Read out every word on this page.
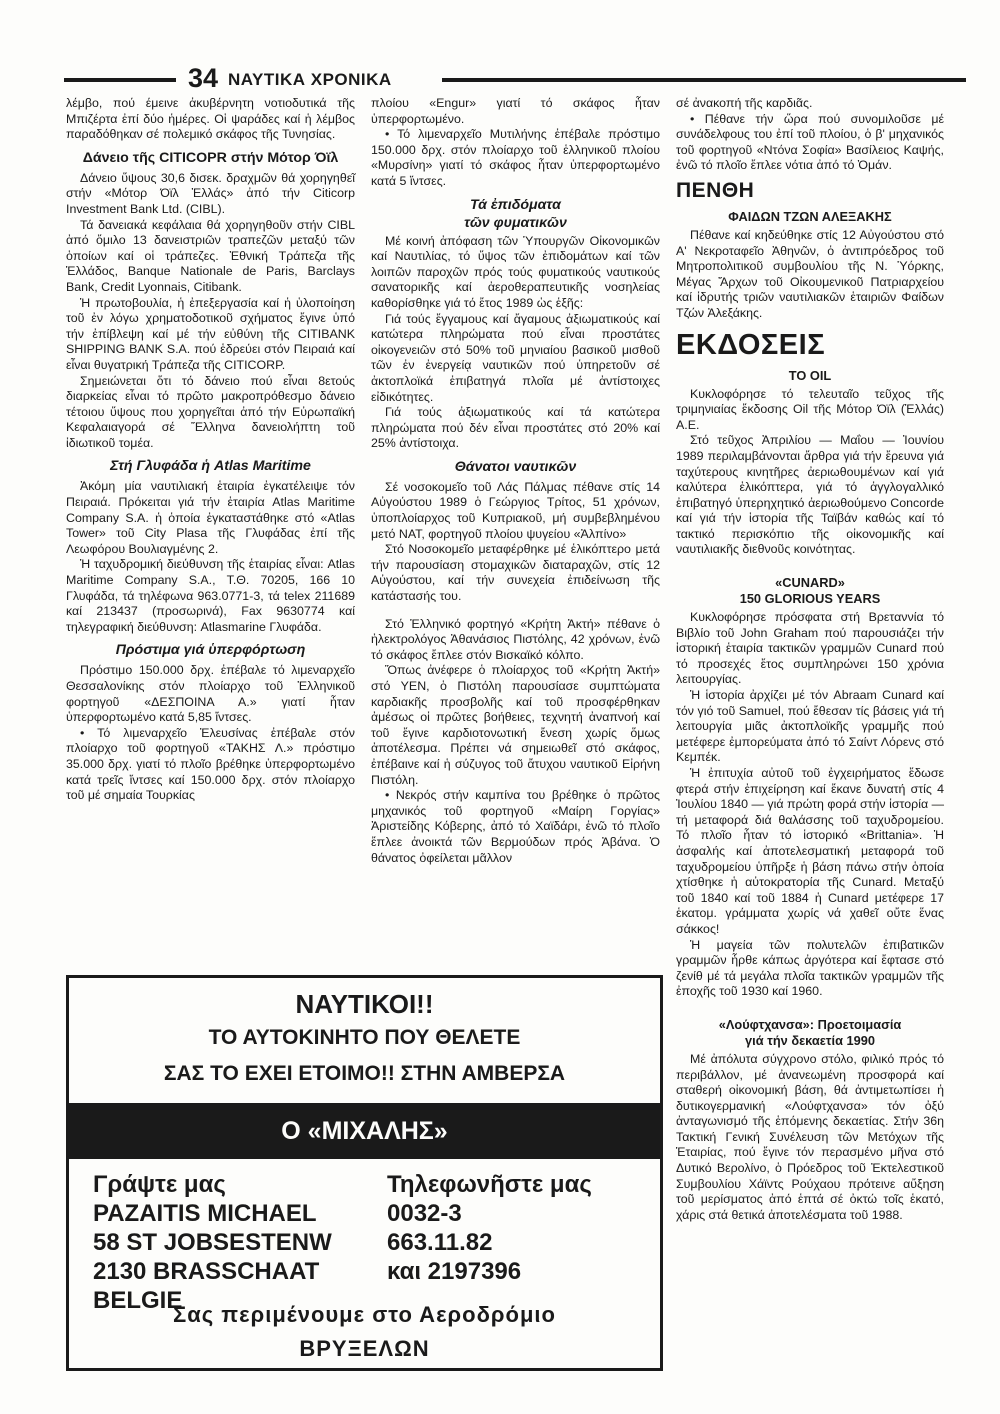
34 ΝΑΥΤΙΚΑ ΧΡΟΝΙΚΑ

λέμβο, πού έμεινε ἀκυβέρνητη νοτιοδυτικά τῆς Μπιζέρτα ἐπί δύο ἡμέρες. Οἱ ψαράδες καί ἡ λέμβος παραδόθηκαν σέ πολεμικό σκάφος τῆς Τυνησίας.

Δάνειο τῆς CITICOPR στήν Μότορ Όϊλ

Δάνειο ὕψους 30,6 δισεκ. δραχμῶν θά χορηγηθεῖ στήν «Μότορ Όϊλ Ἑλλάς» ἀπό τήν Citicorp Investment Bank Ltd. (CIBL).

Τά δανειακά κεφάλαια θά χορηγηθοῦν στήν CIBL ἀπό ὅμιλο 13 δανειστριῶν τραπεζῶν μεταξύ τῶν ὁποίων καί οἱ τράπεζες. Ἐθνική Τράπεζα τῆς Ἑλλάδος, Banque Nationale de Paris, Barclays Bank, Credit Lyonnais, Citibank.

Ἡ πρωτοβουλία, ἡ ἐπεξεργασία καί ἡ ὑλοποίηση τοῦ ἐν λόγω χρηματοδοτικοῦ σχήματος ἔγινε ὑπό τήν ἐπίβλεψη καί μέ τήν εὐθύνη τῆς CITIBANK SHIPPING BANK S.A. πού ἑδρεύει στόν Πειραιά καί εἶναι θυγατρική Τράπεζα τῆς CITICORP.

Σημειώνεται ὅτι τό δάνειο πού εἶναι 8ετούς διαρκείας εἶναι τό πρῶτο μακροπρόθεσμο δάνειο τέτοιου ὕψους που χορηγεῖται ἀπό τήν Εὐρωπαϊκή Κεφαλαιαγορά σέ Ἕλληνα δανειολήπτη τοῦ ἰδιωτικοῦ τομέα.

Στή Γλυφάδα ἡ Atlas Maritime

Ἀκόμη μία ναυτιλιακή ἑταιρία ἐγκατέλειψε τόν Πειραιά. Πρόκειται γιά τήν ἑταιρία Atlas Maritime Company S.A. ἡ ὁποία ἐγκαταστάθηκε στό «Atlas Tower» τοῦ City Plasa τῆς Γλυφάδας ἐπί τῆς Λεωφόρου Βουλιαγμένης 2.

Ἡ ταχυδρομική διεύθυνση τῆς ἑταιρίας εἶναι: Atlas Maritime Company S.A., Τ.Θ. 70205, 166 10 Γλυφάδα, τά τηλέφωνα 963.0771-3, τά telex 211689 καί 213437 (προσωρινά), Fax 9630774 καί τηλεγραφική διεύθυνση: Atlasmarine Γλυφάδα.

Πρόστιμα γιά ὑπερφόρτωση

Πρόστιμο 150.000 δρχ. ἐπέβαλε τό λιμεναρχεῖο Θεσσαλονίκης στόν πλοίαρχο τοῦ Ἑλληνικοῦ φορτηγοῦ «ΔΕΣΠΟΙΝΑ Α.» γιατί ἦταν ὑπερφορτωμένο κατά 5,85 ἴντσες.

• Τό λιμεναρχεῖο Ἐλευσίνας ἐπέβαλε στόν πλοίαρχο τοῦ φορτηγοῦ «ΤΑΚΗΣ Λ.» πρόστιμο 35.000 δρχ. γιατί τό πλοῖο βρέθηκε ὑπερφορτωμένο κατά τρεῖς ἴντσες καί 150.000 δρχ. στόν πλοίαρχο τοῦ μέ σημαία Τουρκίας

πλοίου «Engur» γιατί τό σκάφος ἦταν ὑπερφορτωμένο.

• Τό λιμεναρχεῖο Μυτιλήνης ἐπέβαλε πρόστιμο 150.000 δρχ. στόν πλοίαρχο τοῦ ἑλληνικοῦ πλοίου «Μυρσίνη» γιατί τό σκάφος ἦταν ὑπερφορτωμένο κατά 5 ἴντσες.

Τά ἐπιδόματα
τῶν φυματικῶν

Μέ κοινή ἀπόφαση τῶν Ὑπουργῶν Οἰκονομικῶν καί Ναυτιλίας, τό ὕψος τῶν ἐπιδομάτων καί τῶν λοιπῶν παροχῶν πρός τούς φυματικούς ναυτικούς σανατορικῆς καί ἀεροθεραπευτικῆς νοσηλείας καθορίσθηκε γιά τό ἔτος 1989 ὡς ἑξῆς:

Γιά τούς ἔγγαμους καί ἄγαμους ἀξιωματικούς καί κατώτερα πληρώματα πού εἶναι προστάτες οἰκογενειῶν στό 50% τοῦ μηνιαίου βασικοῦ μισθοῦ τῶν ἐν ἐνεργείᾳ ναυτικῶν πού ὑπηρετοῦν σέ ἀκτοπλοϊκά ἐπιβατηγά πλοῖα μέ ἀντίστοιχες εἰδικότητες.

Γιά τούς ἀξιωματικούς καί τά κατώτερα πληρώματα πού δέν εἶναι προστάτες στό 20% καί 25% ἀντίστοιχα.

Θάνατοι ναυτικῶν

Σέ νοσοκομεῖο τοῦ Λάς Πάλμας πέθανε στίς 14 Αὐγούστου 1989 ὁ Γεώργιος Τρίτος, 51 χρόνων, ὑποπλοίαρχος τοῦ Κυπριακοῦ, μή συμβεβλημένου μετό ΝΑΤ, φορτηγοῦ πλοίου ψυγείου «Ἀλπίνο»

Στό Νοσοκομεῖο μεταφέρθηκε μέ ἑλικόπτερο μετά τήν παρουσίαση στομαχικῶν διαταραχῶν, στίς 12 Αὐγούστου, καί τήν συνεχεία ἐπιδείνωση τῆς κατάστασής του.

Στό Ἑλληνικό φορτηγό «Κρήτη Ἀκτή» πέθανε ὁ ἠλεκτρολόγος Ἀθανάσιος Πιστόλης, 42 χρόνων, ἐνῶ τό σκάφος ἔπλεε στόν Βισκαϊκό κόλπο.

Ὅπως ἀνέφερε ὁ πλοίαρχος τοῦ «Κρήτη Ἀκτή» στό ΥΕΝ, ὁ Πιστόλη παρουσίασε συμπτώματα καρδιακῆς προσβολῆς καί τοῦ προσφέρθηκαν ἀμέσως οἱ πρῶτες βοήθειες, τεχνητή ἀναπνοή καί τοῦ ἔγινε καρδιοτονωτική ἔνεση χωρίς ὅμως ἀποτέλεσμα. Πρέπει νά σημειωθεῖ στό σκάφος, ἐπέβαινε καί ἡ σύζυγος τοῦ ἄτυχου ναυτικοῦ Εἰρήνη Πιστόλη.

• Νεκρός στήν καμπίνα του βρέθηκε ὁ πρῶτος μηχανικός τοῦ φορτηγοῦ «Μαίρη Γοργίας» Ἀριστείδης Κόβερης, ἀπό τό Χαϊδάρι, ἐνῶ τό πλοῖο ἔπλεε ἀνοικτά τῶν Βερμούδων πρός Ἀβάνα. Ὁ θάνατος ὀφείλεται μᾶλλον

σέ ἀνακοπή τῆς καρδιᾶς.

• Πέθανε τήν ὥρα πού συνομιλοῦσε μέ συνάδελφους του ἐπί τοῦ πλοίου, ὁ β' μηχανικός τοῦ φορτηγοῦ «Ντόνα Σοφία» Βασίλειος Καψής, ἐνῶ τό πλοῖο ἔπλεε νότια ἀπό τό Ὀμάν.

ΠΕΝΘΗ
ΦΑΙΔΩΝ ΤΖΩΝ ΑΛΕΞΑΚΗΣ

Πέθανε καί κηδεύθηκε στίς 12 Αὐγούστου στό Α' Νεκροταφεῖο Ἀθηνῶν, ὁ ἀντιπρόεδρος τοῦ Μητροπολιτικοῦ συμβουλίου τῆς Ν. Ὑόρκης, Μέγας Ἄρχων τοῦ Οἰκουμενικοῦ Πατριαρχείου καί ἱδρυτής τριῶν ναυτιλιακῶν ἑταιριῶν Φαίδων Τζών Ἀλεξάκης.

ΕΚΔΟΣΕΙΣ
ΤΟ OIL

Κυκλοφόρησε τό τελευταῖο τεῦχος τῆς τριμηνιαίας ἔκδοσης Oil τῆς Μότορ Όϊλ (Ἑλλάς) Α.Ε.

Στό τεῦχος Ἀπριλίου — Μαΐου — Ἰουνίου 1989 περιλαμβάνονται ἄρθρα γιά τήν ἔρευνα γιά ταχύτερους κινητῆρες ἀεριωθουμένων καί γιά καλύτερα ἑλικόπτερα, γιά τό ἀγγλογαλλικό ἐπιβατηγό ὑπερηχητικό ἀεριωθούμενο Concorde καί γιά τήν ἱστορία τῆς Ταϊβάν καθώς καί τό τακτικό περισκόπιο τῆς οἰκονομικῆς καί ναυτιλιακῆς διεθνοῦς κοινότητας.

«CUNARD»
150 GLORIOUS YEARS

Κυκλοφόρησε πρόσφατα στή Βρεταννία τό Βιβλίο τοῦ John Graham πού παρουσιάζει τήν ἱστορική ἑταιρία τακτικῶν γραμμῶν Cunard πού τό προσεχές ἔτος συμπληρώνει 150 χρόνια λειτουργίας.

Ἡ ἱστορία ἀρχίζει μέ τόν Abraam Cunard καί τόν γιό τοῦ Samuel, πού ἔθεσαν τίς βάσεις γιά τή λειτουργία μιᾶς ἀκτοπλοϊκῆς γραμμῆς πού μετέφερε ἐμπορεύματα ἀπό τό Σαίντ Λόρενς στό Κεμπέκ.

Ἡ ἐπιτυχία αὐτοῦ τοῦ ἐγχειρήματος ἔδωσε φτερά στήν ἐπιχείρηση καί ἔκανε δυνατή στίς 4 Ἰουλίου 1840 — γιά πρώτη φορά στήν ἱστορία — τή μεταφορά διά θαλάσσης τοῦ ταχυδρομείου. Τό πλοῖο ἦταν τό ἱστορικό «Brittania». Ἡ ἀσφαλής καί ἀποτελεσματική μεταφορά τοῦ ταχυδρομείου ὑπῆρξε ἡ βάση πάνω στήν ὁποία χτίσθηκε ἡ αὐτοκρατορία τῆς Cunard. Μεταξύ τοῦ 1840 καί τοῦ 1884 ἡ Cunard μετέφερε 17 ἑκατομ. γράμματα χωρίς νά χαθεῖ οὔτε ἕνας σάκκος!

Ἡ μαγεία τῶν πολυτελῶν ἐπιβατικῶν γραμμῶν ἦρθε κάπως ἀργότερα καί ἔφτασε στό ζενίθ μέ τά μεγάλα πλοῖα τακτικῶν γραμμῶν τῆς ἐποχῆς τοῦ 1930 καί 1960.

«Λούφτχανσα»: Προετοιμασία
γιά τήν δεκαετία 1990

Μέ ἀπόλυτα σύγχρονο στόλο, φιλικό πρός τό περιβάλλον, μέ ἀνανεωμένη προσφορά καί σταθερή οἰκονομική βάση, θά ἀντιμετωπίσει ἡ δυτικογερμανική «Λούφτχανσα» τόν ὀξύ ἀνταγωνισμό τῆς ἑπόμενης δεκαετίας. Στήν 36η Τακτική Γενική Συνέλευση τῶν Μετόχων τῆς Ἑταιρίας, πού ἔγινε τόν περασμένο μῆνα στό Δυτικό Βερολίνο, ὁ Πρόεδρος τοῦ Ἐκτελεστικοῦ Συμβουλίου Χάϊντς Ρούχαου πρότεινε αὔξηση τοῦ μερίσματος ἀπό ἑπτά σέ ὀκτώ τοῖς ἑκατό, χάρις στά θετικά ἀποτελέσματα τοῦ 1988.

ΝΑΥΤΙΚΟΙ!!
ΤΟ ΑΥΤΟΚΙΝΗΤΟ ΠΟΥ ΘΕΛΕΤΕ
ΣΑΣ ΤΟ ΕΧΕΙ ΕΤΟΙΜΟ!! ΣΤΗΝ ΑΜΒΕΡΣΑ
Ο «ΜΙΧΑΛΗΣ»
Γράψτε μας
PAZAITIS MICHAEL
58 ST JOBSESTENW
2130 BRASSCHAAT
BELGIE
Τηλεφωνῆστε μας
0032-3
663.11.82
και 2197396
Σας περιμένουμε στο Αεροδρόμιο
ΒΡΥΞΕΛΩΝ
